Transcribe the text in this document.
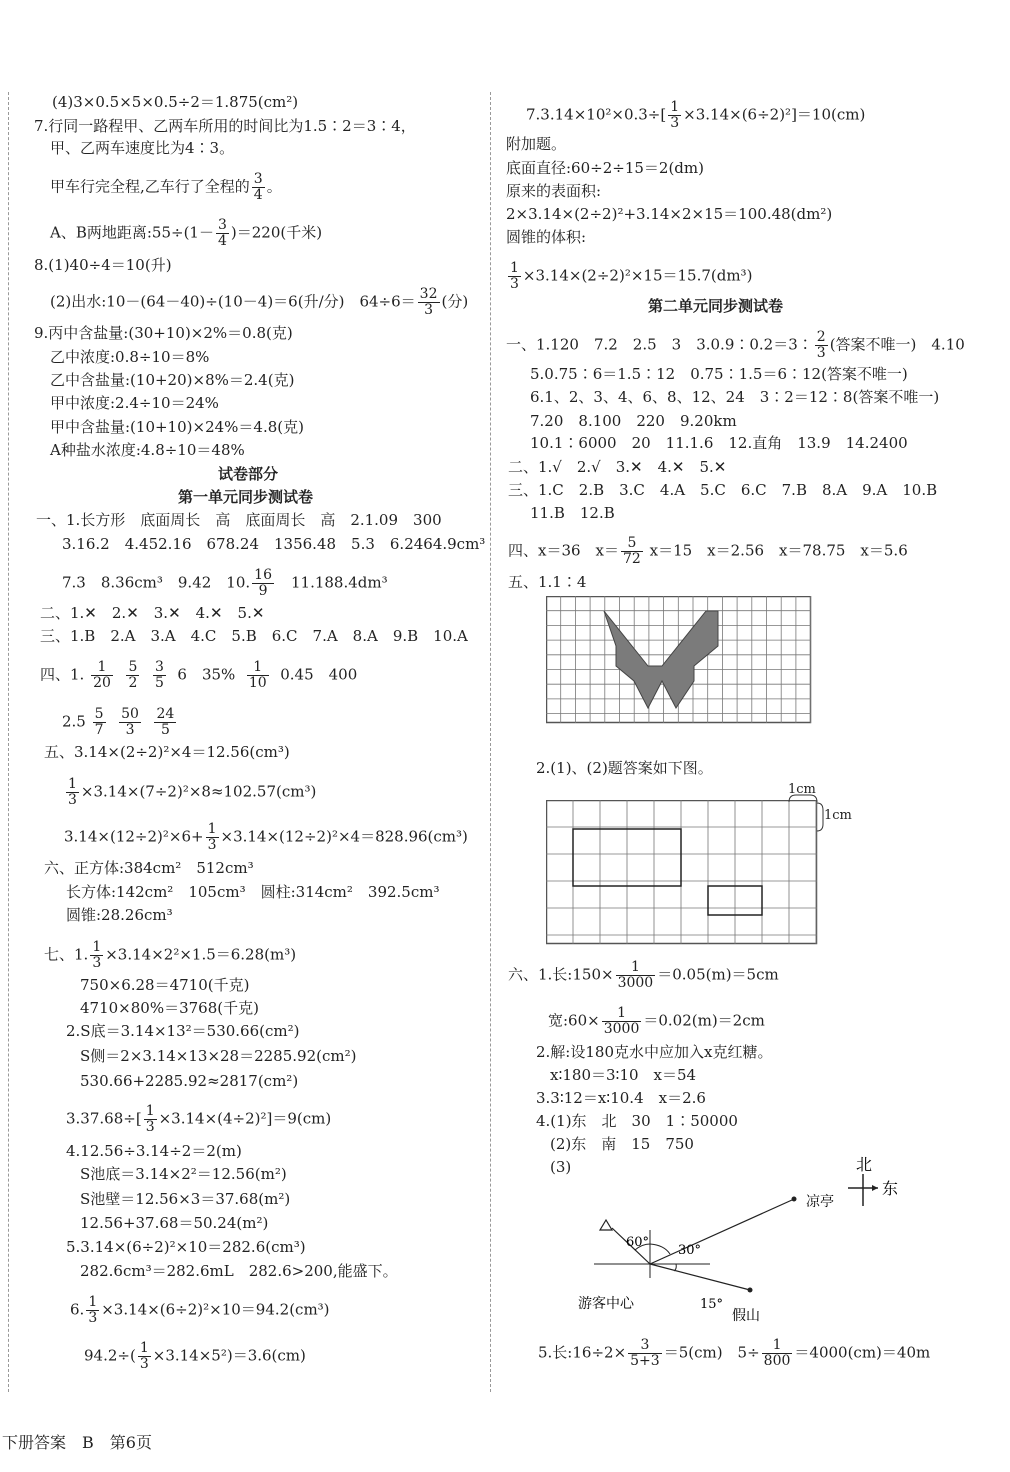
(4)3×0.5×5×0.5÷2＝1.875(cm²)
7.行同一路程甲、乙两车所用的时间比为1.5∶2＝3∶4，
甲、乙两车速度比为4∶3。
甲车行完全程,乙车行了全程的 $\frac{3}{4}$ 。
A、B两地距离:55÷(1－ $\frac{3}{4} )=220$(千米)
8.(1)40÷4＝10(升)
(2)出水:10－(64－40)÷(10－4)＝6(升/分)　$64\div 6= \frac{32}{3}$ (分)
9.丙中含盐量:(30+10)×2%＝0.8(克)
乙中浓度:0.8÷10＝8%
乙中含盐量:(10+20)×8%＝2.4(克)
甲中浓度:2.4÷10＝24%
甲中含盐量:(10+10)×24%＝4.8(克)
A种盐水浓度:4.8÷10＝48%
试卷部分
第一单元同步测试卷
一、1.长方形　底面周长　高　底面周长　高　2.1.09　300
3.16.2　4.452.16　678.24　1356.48　5.3　6.2464.9cm³
7.3　8.36cm³　9.42　10. $\frac{16}{9}$ 　11.188.4dm³
二、1.✕　2.✕　3.✕　4.✕　5.✕
三、1.B　2.A　3.A　4.C　5.B　6.C　7.A　8.A　9.B　10.A
四、1. $\frac{1}{20}$
$\frac{5}{2}$
$\frac{3}{5} 6$　$35\% \frac{1}{10} 0.45$　400
$2.5 \frac{5}{7}$
$\frac{50}{3}$
$\frac{24}{5}$
五、3.14×(2÷2)²×4＝12.56(cm³)
$\frac{1}{3} \times 3.14\times(7\div 2)^2\times 8\approx 102.57(cm^3)$
$3.14\times(12\div 2)^2\times 6+ \frac{1}{3} \times 3.14\times(12\div 2)^2\times 4=828.96(cm^3)$
六、正方体:384cm²　512cm³
长方体:142cm²　105cm³　圆柱:314cm²　392.5cm³
圆锥:28.26cm³
七、1. $\frac{1}{3} \times 3.14\times 2^2\times 1.5=6.28(m^3)$
750×6.28＝4710(千克)
4710×80%＝3768(千克)
2.S底＝3.14×13²＝530.66(cm²)
S侧＝2×3.14×13×28＝2285.92(cm²)
530.66+2285.92≈2817(cm²)
$3.37.68\div[ \frac{1}{3} \times 3.14\times(4\div 2)^2]=9(cm)$
4.12.56÷3.14÷2＝2(m)
S池底＝3.14×2²＝12.56(m²)
S池壁＝12.56×3＝37.68(m²)
12.56+37.68＝50.24(m²)
5.3.14×(6÷2)²×10＝282.6(cm³)
282.6cm³＝282.6mL　282.6>200,能盛下。
6. $\frac{1}{3} \times 3.14\times(6\div 2)^2\times 10=94.2(cm^3)$
$94.2\div( \frac{1}{3} \times 3.14\times 5^2)=3.6(cm)$
$7.3.14\times 10^2\times 0.3\div[ \frac{1}{3} \times 3.14\times(6\div 2)^2]=10(cm)$
附加题。
底面直径:60÷2÷15＝2(dm)
原来的表面积:
2×3.14×(2÷2)²+3.14×2×15＝100.48(dm²)
圆锥的体积:
$\frac{1}{3} \times 3.14\times(2\div 2)^2\times 15=15.7(dm^3)$
第二单元同步测试卷
一、1.120　7.2　2.5　3　3.0.9∶0.2＝3∶ $\frac{2}{3}$ (答案不唯一)　4.10
5.0.75∶6＝1.5∶12　0.75∶1.5＝6∶12(答案不唯一)
6.1、2、3、4、6、8、12、24　3∶2＝12∶8(答案不唯一)
7.20　8.100　220　9.20km
10.1∶6000　20　11.1.6　12.直角　13.9　14.2400
二、1.√　2.√　3.✕　4.✕　5.✕
三、1.C　2.B　3.C　4.A　5.C　6.C　7.B　8.A　9.A　10.B
11.B　12.B
四、x＝36　$x= \frac{5}{72} x=15$　x＝2.56　x＝78.75　x＝5.6
五、1.1∶4
2.(1)、(2)题答案如下图。
1cm
1cm
六、1.长:150× $\frac{1}{3000} =0.05(m)=5cm$
宽:60× $\frac{1}{3000} =0.02(m)=2cm$
2.解:设180克水中应加入x克红糖。
x∶180＝3∶10　x＝54
3.3∶12＝x∶10.4　x＝2.6
4.(1)东　北　30　1∶50000
(2)东　南　15　750
(3)	北
东
60°
30°
15°
凉亭
游客中心
假山
5.长:16÷2× $\frac{3}{5+3} =5(cm)$　$5\div \frac{1}{800} =4000(cm)=40m$
下册答案　B　第6页
